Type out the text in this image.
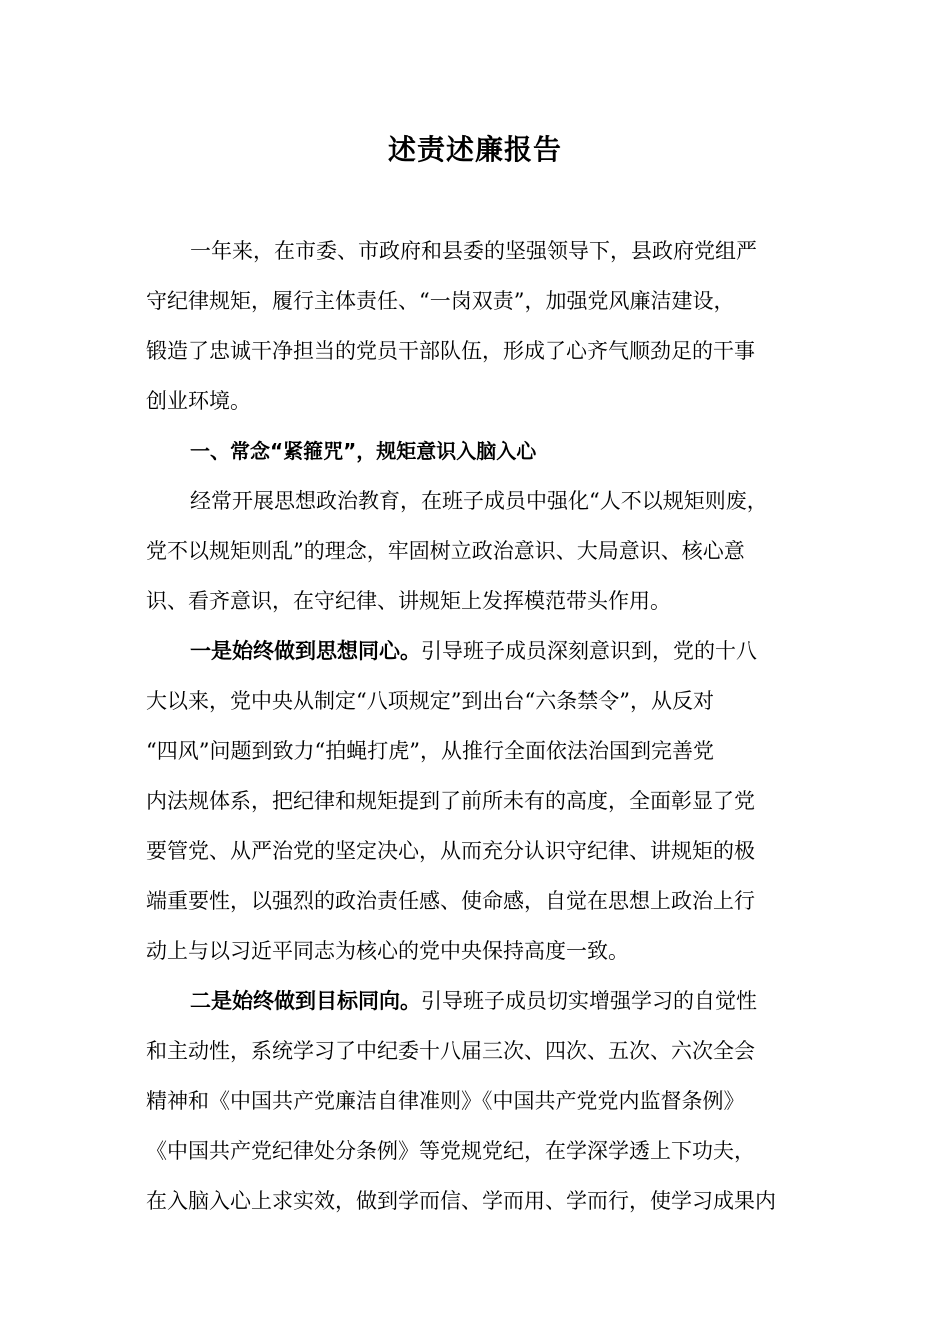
述责述廉报告
一年来，在市委、市政府和县委的坚强领导下，县政府党组严
守纪律规矩，履行主体责任、“一岗双责”，加强党风廉洁建设，
锻造了忠诚干净担当的党员干部队伍，形成了心齐气顺劲足的干事
创业环境。
一、常念“紧箍咒”，规矩意识入脑入心
经常开展思想政治教育，在班子成员中强化“人不以规矩则废，
党不以规矩则乱”的理念，牢固树立政治意识、大局意识、核心意
识、看齐意识，在守纪律、讲规矩上发挥模范带头作用。
一是始终做到思想同心。引导班子成员深刻意识到，党的十八
大以来，党中央从制定“八项规定”到出台“六条禁令”，从反对
“四风”问题到致力“拍蝇打虎”，从推行全面依法治国到完善党
内法规体系，把纪律和规矩提到了前所未有的高度，全面彰显了党
要管党、从严治党的坚定决心，从而充分认识守纪律、讲规矩的极
端重要性，以强烈的政治责任感、使命感，自觉在思想上政治上行
动上与以习近平同志为核心的党中央保持高度一致。
二是始终做到目标同向。引导班子成员切实增强学习的自觉性
和主动性，系统学习了中纪委十八届三次、四次、五次、六次全会
精神和《中国共产党廉洁自律准则》《中国共产党党内监督条例》
《中国共产党纪律处分条例》等党规党纪，在学深学透上下功夫，
在入脑入心上求实效，做到学而信、学而用、学而行，使学习成果内
